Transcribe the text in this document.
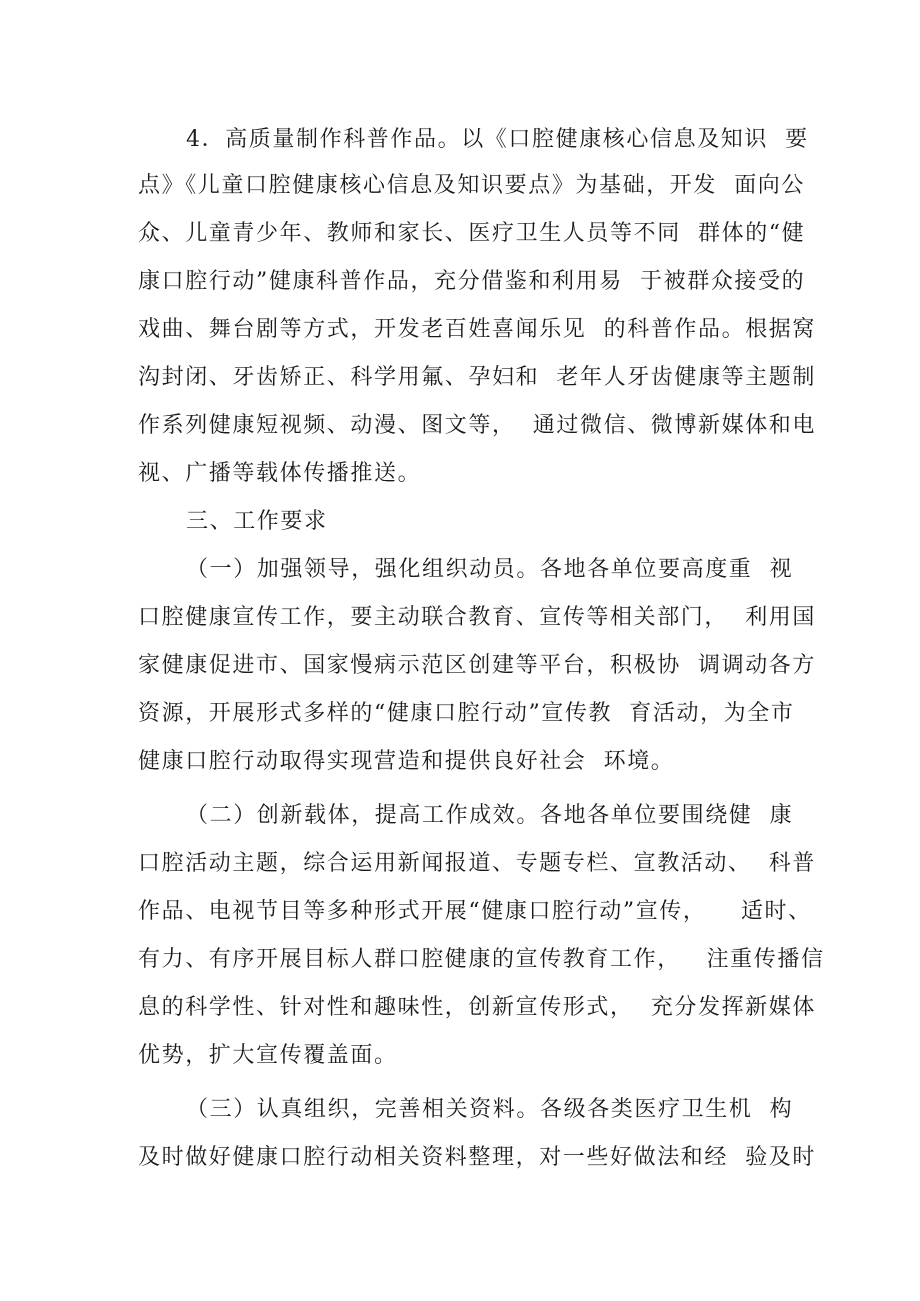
4．高质量制作科普作品。以《口腔健康核心信息及知识  要
点》《儿童口腔健康核心信息及知识要点》为基础，开发  面向公
众、儿童青少年、教师和家长、医疗卫生人员等不同  群体的“健
康口腔行动”健康科普作品，充分借鉴和利用易  于被群众接受的
戏曲、舞台剧等方式，开发老百姓喜闻乐见  的科普作品。根据窝
沟封闭、牙齿矫正、科学用氟、孕妇和  老年人牙齿健康等主题制
作系列健康短视频、动漫、图文等，  通过微信、微博新媒体和电
视、广播等载体传播推送。
三、工作要求
（一）加强领导，强化组织动员。各地各单位要高度重  视
口腔健康宣传工作，要主动联合教育、宣传等相关部门，  利用国
家健康促进市、国家慢病示范区创建等平台，积极协  调调动各方
资源，开展形式多样的“健康口腔行动”宣传教  育活动，为全市
健康口腔行动取得实现营造和提供良好社会  环境。
（二）创新载体，提高工作成效。各地各单位要围绕健  康
口腔活动主题，综合运用新闻报道、专题专栏、宣教活动、  科普
作品、电视节目等多种形式开展“健康口腔行动”宣传，    适时、
有力、有序开展目标人群口腔健康的宣传教育工作，   注重传播信
息的科学性、针对性和趣味性，创新宣传形式，  充分发挥新媒体
优势，扩大宣传覆盖面。
（三）认真组织，完善相关资料。各级各类医疗卫生机  构
及时做好健康口腔行动相关资料整理，对一些好做法和经  验及时
